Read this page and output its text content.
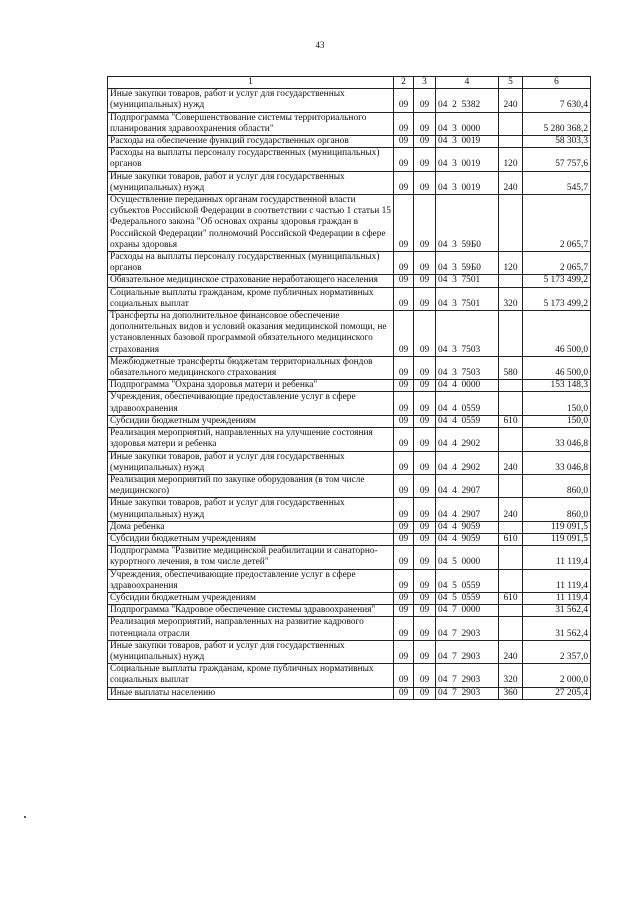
43
1	2	3	4	5	6
Иные закупки товаров, работ и услуг для государственных (муниципальных) нужд	09	09	04  2  5382	240	7 630,4
Подпрограмма "Совершенствование системы территориального планирования здравоохранения области"	09	09	04  3  0000		5 280 368,2
Расходы на обеспечение функций государственных органов	09	09	04  3  0019		58 303,3
Расходы на выплаты персоналу государственных (муниципальных) органов	09	09	04  3  0019	120	57 757,6
Иные закупки товаров, работ и услуг для государственных (муниципальных) нужд	09	09	04  3  0019	240	545,7
Осуществление переданных органам государственной власти субъектов Российской Федерации в соответствии с частью 1 статьи 15 Федерального закона "Об основах охраны здоровья граждан в Российской Федерации" полномочий Российской Федерации в сфере охраны здоровья	09	09	04  3  59Б0		2 065,7
Расходы на выплаты персоналу государственных (муниципальных) органов	09	09	04  3  59Б0	120	2 065,7
Обязательное медицинское страхование неработающего населения	09	09	04  3  7501		5 173 499,2
Социальные выплаты гражданам, кроме публичных нормативных социальных выплат	09	09	04  3  7501	320	5 173 499,2
Трансферты на дополнительное финансовое обеспечение дополнительных видов и условий оказания медицинской помощи, не установленных базовой программой обязательного медицинского страхования	09	09	04  3  7503		46 500,0
Межбюджетные трансферты бюджетам территориальных фондов обязательного медицинского страхования	09	09	04  3  7503	580	46 500,0
Подпрограмма "Охрана здоровья матери и ребенка"	09	09	04  4  0000		153 148,3
Учреждения, обеспечивающие предоставление услуг в сфере здравоохранения	09	09	04  4  0559		150,0
Субсидии бюджетным учреждениям	09	09	04  4  0559	610	150,0
Реализация мероприятий, направленных на улучшение состояния здоровья матери и ребенка	09	09	04  4  2902		33 046,8
Иные закупки товаров, работ и услуг для государственных (муниципальных) нужд	09	09	04  4  2902	240	33 046,8
Реализация мероприятий по закупке оборудования (в том числе медицинского)	09	09	04  4  2907		860,0
Иные закупки товаров, работ и услуг для государственных (муниципальных) нужд	09	09	04  4  2907	240	860,0
Дома ребенка	09	09	04  4  9059		119 091,5
Субсидии бюджетным учреждениям	09	09	04  4  9059	610	119 091,5
Подпрограмма "Развитие медицинской реабилитации и санаторно-курортного лечения, в том числе детей"	09	09	04  5  0000		11 119,4
Учреждения, обеспечивающие предоставление услуг в сфере здравоохранения	09	09	04  5  0559		11 119,4
Субсидии бюджетным учреждениям	09	09	04  5  0559	610	11 119,4
Подпрограмма "Кадровое обеспечение системы здравоохранения"	09	09	04  7  0000		31 562,4
Реализация мероприятий, направленных на развитие кадрового потенциала отрасли	09	09	04  7  2903		31 562,4
Иные закупки товаров, работ и услуг для государственных (муниципальных) нужд	09	09	04  7  2903	240	2 357,0
Социальные выплаты гражданам, кроме публичных нормативных социальных выплат	09	09	04  7  2903	320	2 000,0
Иные выплаты населению	09	09	04  7  2903	360	27 205,4
